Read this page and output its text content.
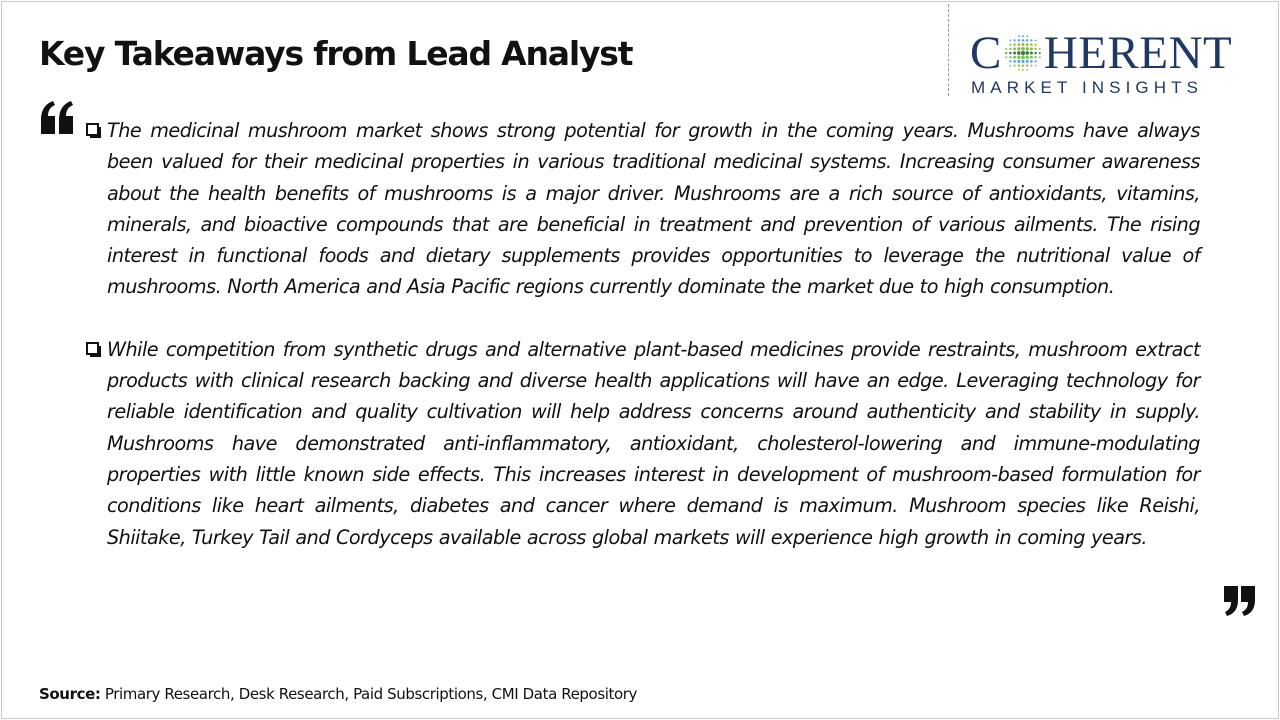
Key Takeaways from Lead Analyst	C HERENT
MARKET INSIGHTS

The medicinal mushroom market shows strong potential for growth in the coming years. Mushrooms have always been valued for their medicinal properties in various traditional medicinal systems. Increasing consumer awareness about the health benefits of mushrooms is a major driver. Mushrooms are a rich source of antioxidants, vitamins, minerals, and bioactive compounds that are beneficial in treatment and prevention of various ailments. The rising interest in functional foods and dietary supplements provides opportunities to leverage the nutritional value of mushrooms. North America and Asia Pacific regions currently dominate the market due to high consumption.

While competition from synthetic drugs and alternative plant-based medicines provide restraints, mushroom extract products with clinical research backing and diverse health applications will have an edge. Leveraging technology for reliable identification and quality cultivation will help address concerns around authenticity and stability in supply. Mushrooms have demonstrated anti-inflammatory, antioxidant, cholesterol-lowering and immune-modulating properties with little known side effects. This increases interest in development of mushroom-based formulation for conditions like heart ailments, diabetes and cancer where demand is maximum. Mushroom species like Reishi, Shiitake, Turkey Tail and Cordyceps available across global markets will experience high growth in coming years.

Source: Primary Research, Desk Research, Paid Subscriptions, CMI Data Repository
